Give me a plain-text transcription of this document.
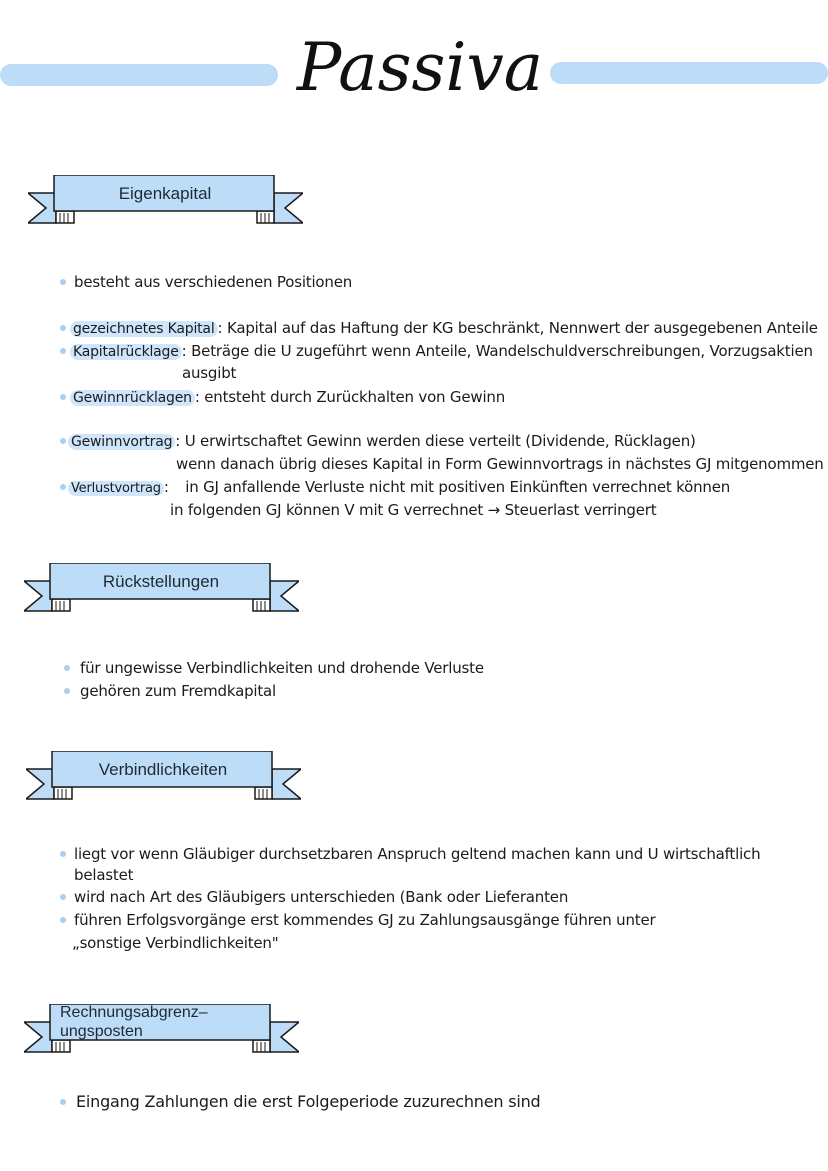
Passiva
Eigenkapital
besteht aus verschiedenen Positionen
gezeichnetes Kapital : Kapital auf das Haftung der KG beschränkt, Nennwert der ausgegebenen Anteile
Kapitalrücklage : Beträge die U zugeführt wenn Anteile, Wandelschuldverschreibungen, Vorzugsaktien
ausgibt
Gewinnrücklagen : entsteht durch Zurückhalten von Gewinn
Gewinnvortrag : U erwirtschaftet Gewinn werden diese verteilt (Dividende, Rücklagen)
wenn danach übrig dieses Kapital in Form Gewinnvortrags in nächstes GJ mitgenommen
Verlustvortrag : in GJ anfallende Verluste nicht mit positiven Einkünften verrechnet können
in folgenden GJ können V mit G verrechnet → Steuerlast verringert
Rückstellungen
für ungewisse Verbindlichkeiten und drohende Verluste
gehören zum Fremdkapital
Verbindlichkeiten
liegt vor wenn Gläubiger durchsetzbaren Anspruch geltend machen kann und U wirtschaftlich
belastet
wird nach Art des Gläubigers unterschieden (Bank oder Lieferanten
führen Erfolgsvorgänge erst kommendes GJ zu Zahlungsausgänge führen unter
„sonstige Verbindlichkeiten"
Rechnungsabgrenz–
ungsposten
Eingang Zahlungen die erst Folgeperiode zuzurechnen sind
